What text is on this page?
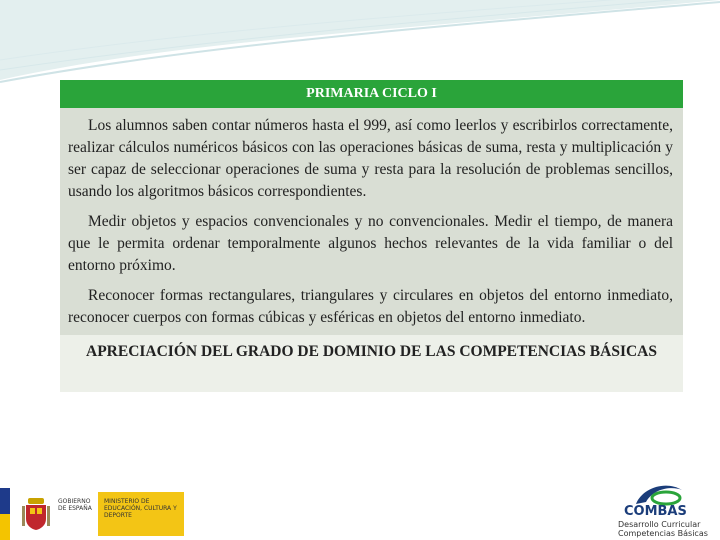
PRIMARIA CICLO I

Los alumnos saben contar números hasta el 999, así como leerlos y escribirlos correctamente, realizar cálculos numéricos básicos con las operaciones básicas de suma, resta y multiplicación y ser capaz de seleccionar operaciones de suma y resta para la resolución de problemas sencillos, usando los algoritmos básicos correspondientes.

Medir objetos y espacios convencionales y no convencionales. Medir el tiempo, de manera que le permita ordenar temporalmente algunos hechos relevantes de la vida familiar o del entorno próximo.

Reconocer formas rectangulares, triangulares y circulares en objetos del entorno inmediato, reconocer cuerpos con formas cúbicas y esféricas en objetos del entorno inmediato.

APRECIACIÓN DEL GRADO DE DOMINIO DE LAS COMPETENCIAS BÁSICAS
GOBIERNO DE ESPAÑA
MINISTERIO DE EDUCACIÓN, CULTURA Y DEPORTE	COMBAS
Desarrollo Curricular Competencias Básicas
